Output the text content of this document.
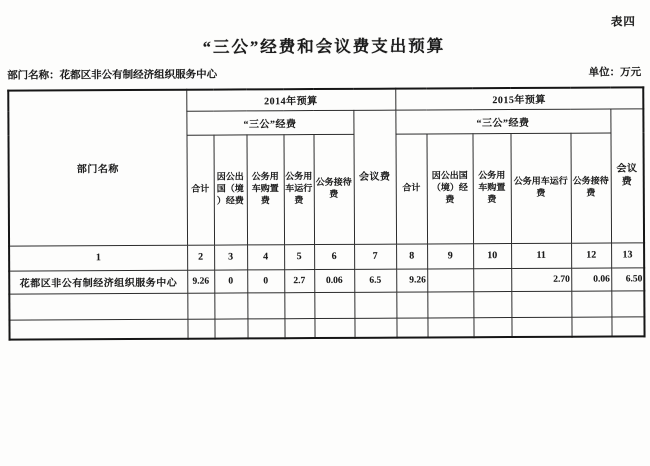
表四
“三公”经费和会议费支出预算
部门名称：花都区非公有制经济组织服务中心	单位：万元
部门名称	2014年预算						2015年预算					
	“三公”经费					会议费	“三公”经费					会议费
	合计	因公出国（境）经费	公务用车购置费	公务用车运行费	公务接待费		合计	因公出国（境）经费	公务用车购置费	公务用车运行费	公务接待费	
1	2	3	4	5	6	7	8	9	10	11	12	13
花都区非公有制经济组织服务中心	9.26	0	0	2.7	0.06	6.5	9.26			2.70	0.06	6.50
